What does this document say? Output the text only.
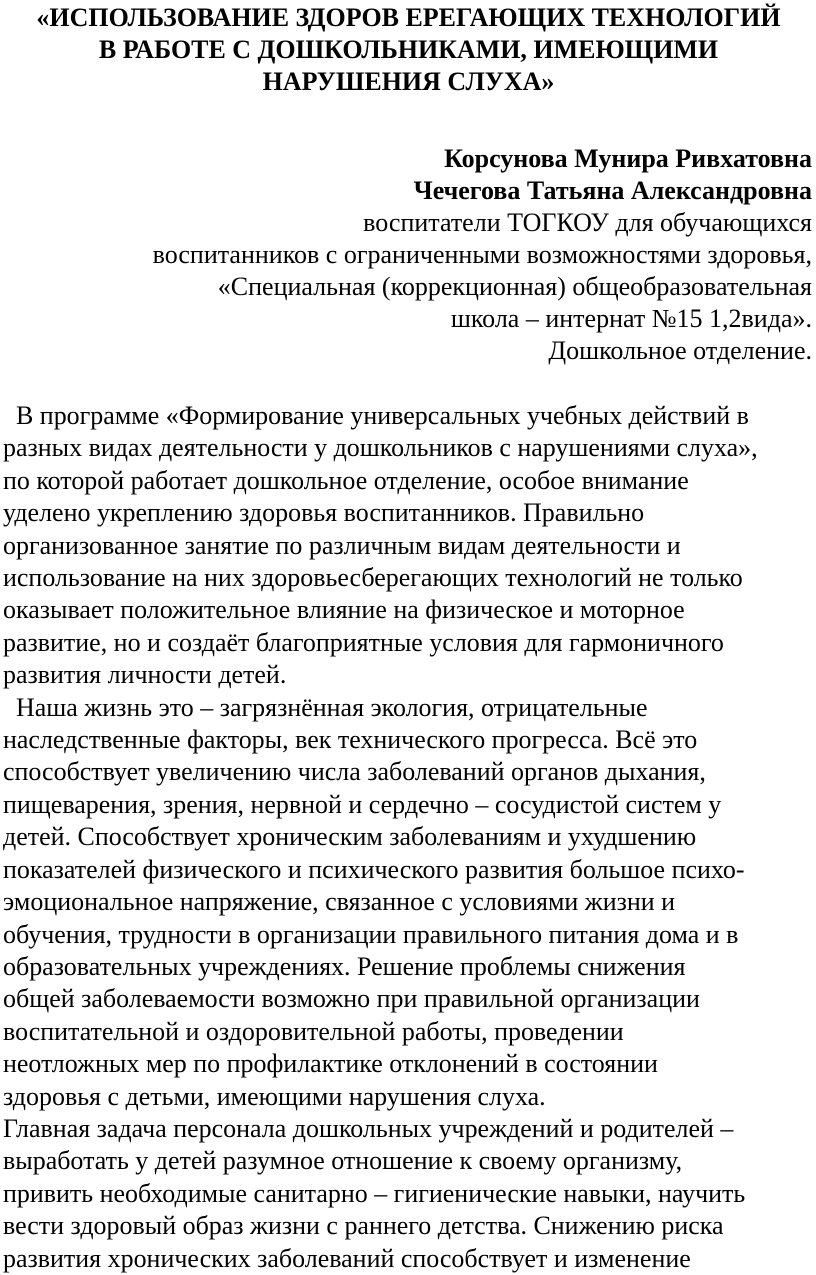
«ИСПОЛЬЗОВАНИЕ ЗДОРОВ ЕРЕГАЮЩИХ ТЕХНОЛОГИЙ
В РАБОТЕ С ДОШКОЛЬНИКАМИ, ИМЕЮЩИМИ
НАРУШЕНИЯ СЛУХА»
Корсунова Мунира Ривхатовна
Чечегова Татьяна Александровна
воспитатели ТОГКОУ для обучающихся
воспитанников с ограниченными возможностями здоровья,
«Специальная (коррекционная) общеобразовательная
школа – интернат №15 1,2вида».
Дошкольное отделение.
В программе «Формирование универсальных учебных действий в
разных видах деятельности у дошкольников с нарушениями слуха»,
по которой работает дошкольное отделение, особое внимание
уделено укреплению здоровья воспитанников. Правильно
организованное занятие по различным видам деятельности и
использование на них здоровьесберегающих технологий не только
оказывает положительное влияние на физическое и моторное
развитие, но и создаёт благоприятные условия для гармоничного
развития личности детей.
Наша жизнь это – загрязнённая экология, отрицательные
наследственные факторы, век технического прогресса. Всё это
способствует увеличению числа заболеваний органов дыхания,
пищеварения, зрения, нервной и сердечно – сосудистой систем у
детей. Способствует хроническим заболеваниям и ухудшению
показателей физического и психического развития большое психо-
эмоциональное напряжение, связанное с условиями жизни и
обучения, трудности в организации правильного питания дома и в
образовательных учреждениях. Решение проблемы снижения
общей заболеваемости возможно при правильной организации
воспитательной и оздоровительной работы, проведении
неотложных мер по профилактике отклонений в состоянии
здоровья с детьми, имеющими нарушения слуха.
Главная задача персонала дошкольных учреждений и родителей –
выработать у детей разумное отношение к своему организму,
привить необходимые санитарно – гигиенические навыки, научить
вести здоровый образ жизни с раннего детства. Снижению риска
развития хронических заболеваний способствует и изменение
